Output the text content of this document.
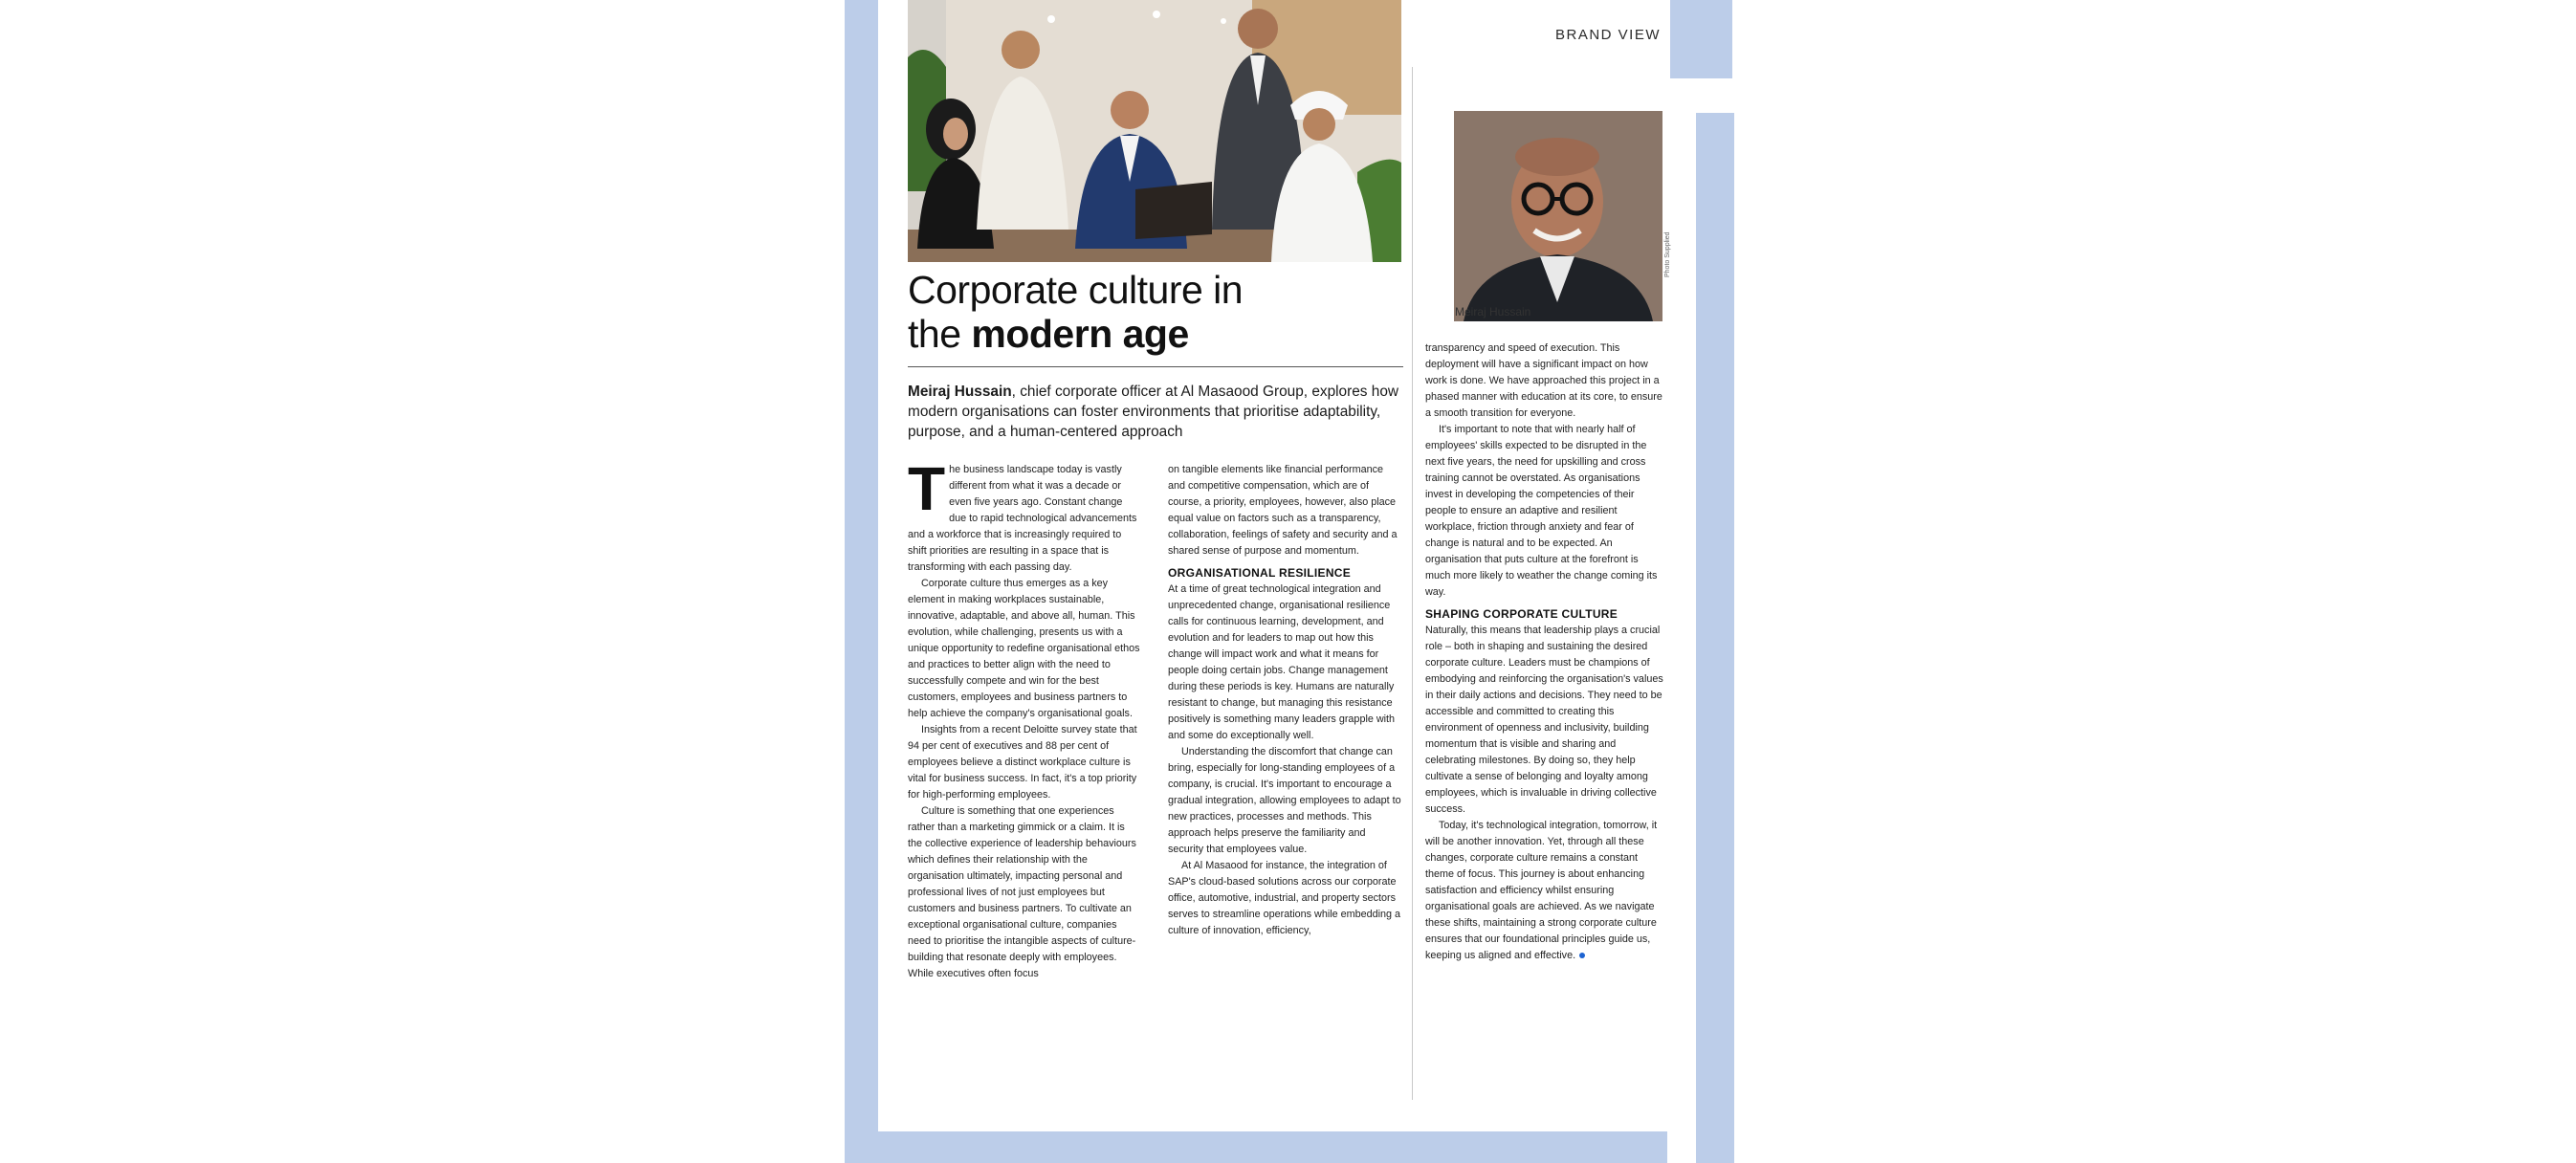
BRAND VIEW
Meiraj Hussain
Photo Supplied
Corporate culture in
the modern age
Meiraj Hussain, chief corporate officer at Al Masaood Group, explores how modern organisations can foster environments that prioritise adaptability, purpose, and a human-centered approach
T he business landscape today is vastly different from what it was a decade or even five years ago. Constant change due to rapid technological advancements and a workforce that is increasingly required to shift priorities are resulting in a space that is transforming with each passing day.

Corporate culture thus emerges as a key element in making workplaces sustainable, innovative, adaptable, and above all, human. This evolution, while challenging, presents us with a unique opportunity to redefine organisational ethos and practices to better align with the need to successfully compete and win for the best customers, employees and business partners to help achieve the company's organisational goals.

Insights from a recent Deloitte survey state that 94 per cent of executives and 88 per cent of employees believe a distinct workplace culture is vital for business success. In fact, it's a top priority for high-performing employees.

Culture is something that one experiences rather than a marketing gimmick or a claim. It is the collective experience of leadership behaviours which defines their relationship with the organisation ultimately, impacting personal and professional lives of not just employees but customers and business partners. To cultivate an exceptional organisational culture, companies need to prioritise the intangible aspects of culture-building that resonate deeply with employees. While executives often focus

on tangible elements like financial performance and competitive compensation, which are of course, a priority, employees, however, also place equal value on factors such as a transparency, collaboration, feelings of safety and security and a shared sense of purpose and momentum.

ORGANISATIONAL RESILIENCE

At a time of great technological integration and unprecedented change, organisational resilience calls for continuous learning, development, and evolution and for leaders to map out how this change will impact work and what it means for people doing certain jobs. Change management during these periods is key. Humans are naturally resistant to change, but managing this resistance positively is something many leaders grapple with and some do exceptionally well.

Understanding the discomfort that change can bring, especially for long-standing employees of a company, is crucial. It's important to encourage a gradual integration, allowing employees to adapt to new practices, processes and methods. This approach helps preserve the familiarity and security that employees value.

At Al Masaood for instance, the integration of SAP's cloud-based solutions across our corporate office, automotive, industrial, and property sectors serves to streamline operations while embedding a culture of innovation, efficiency,

transparency and speed of execution. This deployment will have a significant impact on how work is done. We have approached this project in a phased manner with education at its core, to ensure a smooth transition for everyone.

It's important to note that with nearly half of employees' skills expected to be disrupted in the next five years, the need for upskilling and cross training cannot be overstated. As organisations invest in developing the competencies of their people to ensure an adaptive and resilient workplace, friction through anxiety and fear of change is natural and to be expected. An organisation that puts culture at the forefront is much more likely to weather the change coming its way.

SHAPING CORPORATE CULTURE

Naturally, this means that leadership plays a crucial role – both in shaping and sustaining the desired corporate culture. Leaders must be champions of embodying and reinforcing the organisation's values in their daily actions and decisions. They need to be accessible and committed to creating this environment of openness and inclusivity, building momentum that is visible and sharing and celebrating milestones. By doing so, they help cultivate a sense of belonging and loyalty among employees, which is invaluable in driving collective success.

Today, it's technological integration, tomorrow, it will be another innovation. Yet, through all these changes, corporate culture remains a constant theme of focus. This journey is about enhancing satisfaction and efficiency whilst ensuring organisational goals are achieved. As we navigate these shifts, maintaining a strong corporate culture ensures that our foundational principles guide us, keeping us aligned and effective.
